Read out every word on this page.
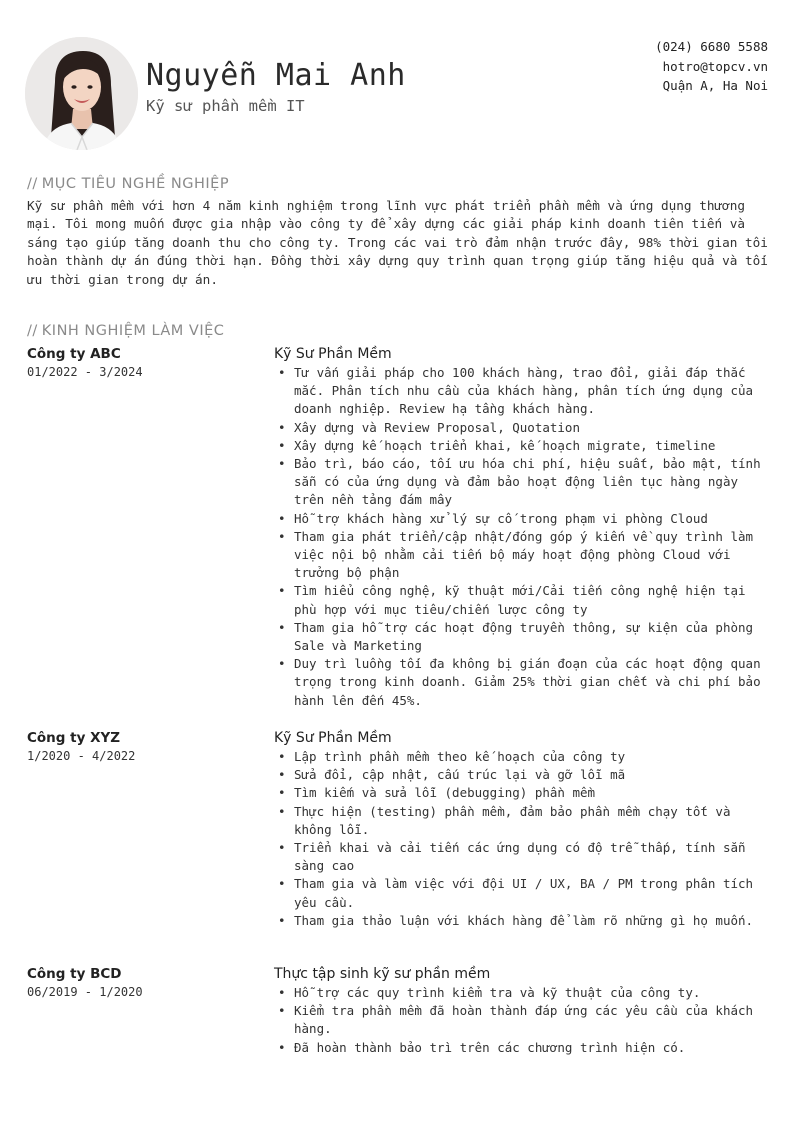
Nguyễn Mai Anh
Kỹ sư phần mềm IT
(024) 6680 5588
hotro@topcv.vn
Quận A, Ha Noi
// MỤC TIÊU NGHỀ NGHIỆP
Kỹ sư phần mềm với hơn 4 năm kinh nghiệm trong lĩnh vực phát triển phần mềm và ứng dụng thương mại. Tôi mong muốn được gia nhập vào công ty để xây dựng các giải pháp kinh doanh tiên tiến và sáng tạo giúp tăng doanh thu cho công ty. Trong các vai trò đảm nhận trước đây, 98% thời gian tôi hoàn thành dự án đúng thời hạn. Đồng thời xây dựng quy trình quan trọng giúp tăng hiệu quả và tối ưu thời gian trong dự án.
// KINH NGHIỆM LÀM VIỆC
Công ty ABC
01/2022 - 3/2024
Kỹ Sư Phần Mềm
• Tư vấn giải pháp cho 100 khách hàng, trao đổi, giải đáp thắc mắc. Phân tích nhu cầu của khách hàng, phân tích ứng dụng của doanh nghiệp. Review hạ tầng khách hàng.
• Xây dựng và Review Proposal, Quotation
• Xây dựng kế hoạch triển khai, kế hoạch migrate, timeline
• Bảo trì, báo cáo, tối ưu hóa chi phí, hiệu suất, bảo mật, tính sẵn có của ứng dụng và đảm bảo hoạt động liên tục hàng ngày trên nền tảng đám mây
• Hỗ trợ khách hàng xử lý sự cố trong phạm vi phòng Cloud
• Tham gia phát triển/cập nhật/đóng góp ý kiến về quy trình làm việc nội bộ nhằm cải tiến bộ máy hoạt động phòng Cloud với trưởng bộ phận
• Tìm hiểu công nghệ, kỹ thuật mới/Cải tiến công nghệ hiện tại phù hợp với mục tiêu/chiến lược công ty
• Tham gia hỗ trợ các hoạt động truyền thông, sự kiện của phòng Sale và Marketing
• Duy trì luồng tối đa không bị gián đoạn của các hoạt động quan trọng trong kinh doanh. Giảm 25% thời gian chết và chi phí bảo hành lên đến 45%.
Công ty XYZ
1/2020 - 4/2022
Kỹ Sư Phần Mềm
• Lập trình phần mềm theo kế hoạch của công ty
• Sửa đổi, cập nhật, cấu trúc lại và gỡ lỗi mã
• Tìm kiếm và sửa lỗi (debugging) phần mềm
• Thực hiện (testing) phần mềm, đảm bảo phần mềm chạy tốt và không lỗi.
• Triển khai và cải tiến các ứng dụng có độ trễ thấp, tính sẵn sàng cao
• Tham gia và làm việc với đội UI / UX, BA / PM trong phân tích yêu cầu.
• Tham gia thảo luận với khách hàng để làm rõ những gì họ muốn.
Công ty BCD
06/2019 - 1/2020
Thực tập sinh kỹ sư phần mềm
• Hỗ trợ các quy trình kiểm tra và kỹ thuật của công ty.
• Kiểm tra phần mềm đã hoàn thành đáp ứng các yêu cầu của khách hàng.
• Đã hoàn thành bảo trì trên các chương trình hiện có.
